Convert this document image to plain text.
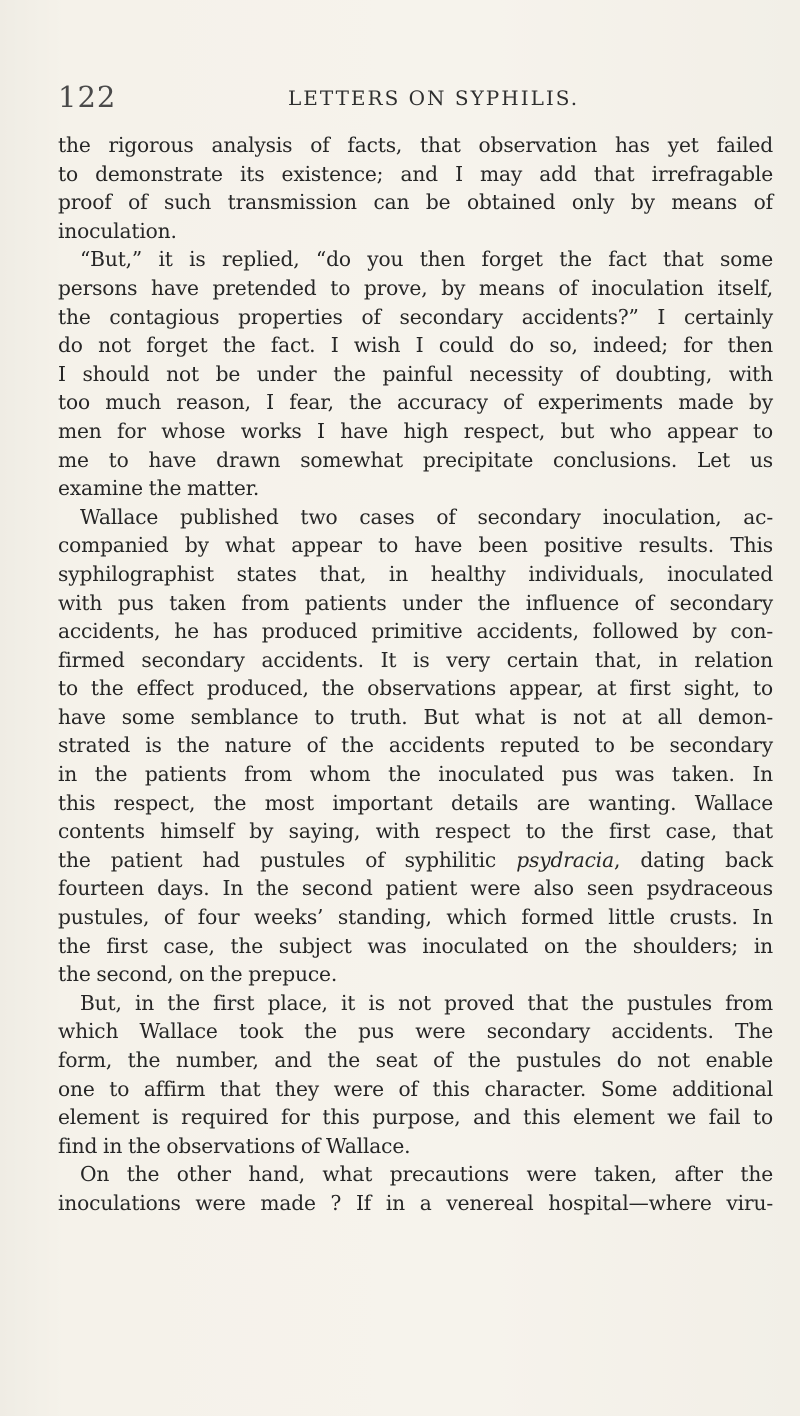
122	LETTERS ON SYPHILIS.
the rigorous analysis of facts, that observation has yet failed
to demonstrate its existence; and I may add that irrefragable
proof of such transmission can be obtained only by means of
inoculation.
“But,” it is replied, “do you then forget the fact that some
persons have pretended to prove, by means of inoculation itself,
the contagious properties of secondary accidents?” I certainly
do not forget the fact. I wish I could do so, indeed; for then
I should not be under the painful necessity of doubting, with
too much reason, I fear, the accuracy of experiments made by
men for whose works I have high respect, but who appear to
me to have drawn somewhat precipitate conclusions. Let us
examine the matter.
Wallace published two cases of secondary inoculation, ac-
companied by what appear to have been positive results. This
syphilographist states that, in healthy individuals, inoculated
with pus taken from patients under the influence of secondary
accidents, he has produced primitive accidents, followed by con-
firmed secondary accidents. It is very certain that, in relation
to the effect produced, the observations appear, at first sight, to
have some semblance to truth. But what is not at all demon-
strated is the nature of the accidents reputed to be secondary
in the patients from whom the inoculated pus was taken. In
this respect, the most important details are wanting. Wallace
contents himself by saying, with respect to the first case, that
the patient had pustules of syphilitic psydracia, dating back
fourteen days. In the second patient were also seen psydraceous
pustules, of four weeks’ standing, which formed little crusts. In
the first case, the subject was inoculated on the shoulders; in
the second, on the prepuce.
But, in the first place, it is not proved that the pustules from
which Wallace took the pus were secondary accidents. The
form, the number, and the seat of the pustules do not enable
one to affirm that they were of this character. Some additional
element is required for this purpose, and this element we fail to
find in the observations of Wallace.
On the other hand, what precautions were taken, after the
inoculations were made ? If in a venereal hospital—where viru-
